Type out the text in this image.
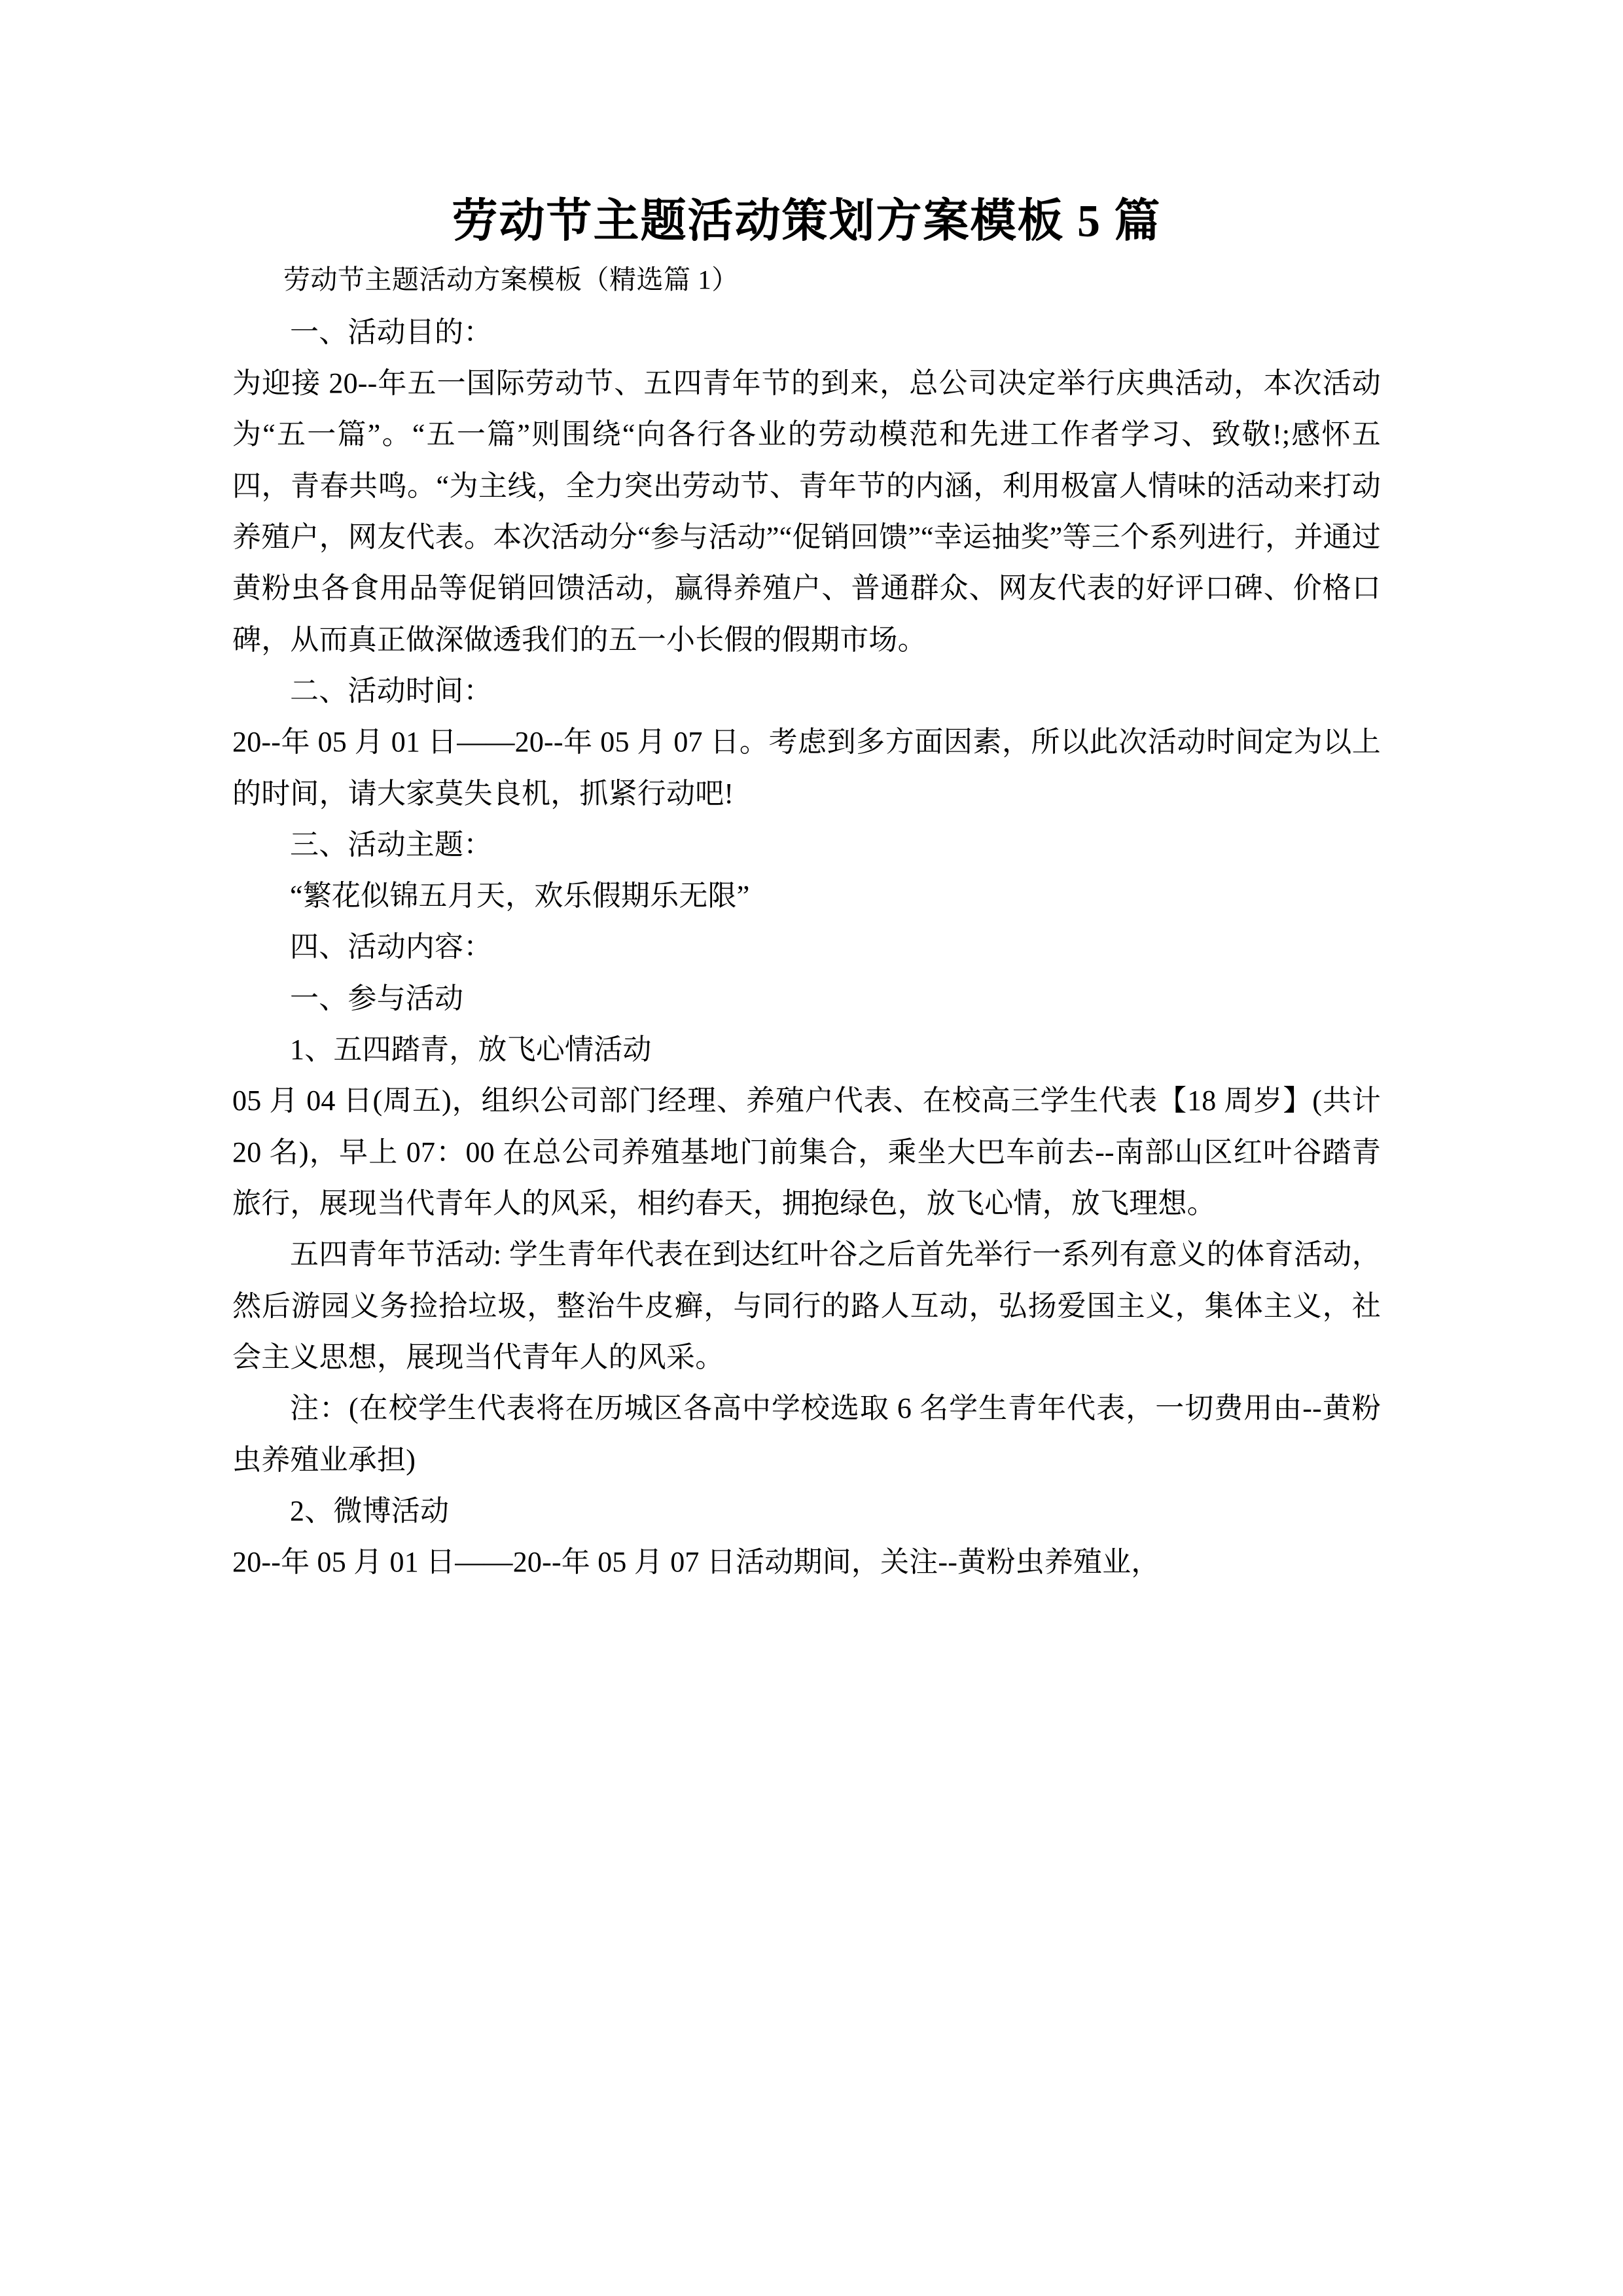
劳动节主题活动策划方案模板 5 篇

劳动节主题活动方案模板（精选篇 1）

一、活动目的：

为迎接 20--年五一国际劳动节、五四青年节的到来，总公司决定举行庆典活动，本次活动为“五一篇”。“五一篇”则围绕“向各行各业的劳动模范和先进工作者学习、致敬!;感怀五四，青春共鸣。“为主线，全力突出劳动节、青年节的内涵，利用极富人情味的活动来打动养殖户，网友代表。本次活动分“参与活动”“促销回馈”“幸运抽奖”等三个系列进行，并通过黄粉虫各食用品等促销回馈活动，赢得养殖户、普通群众、网友代表的好评口碑、价格口碑，从而真正做深做透我们的五一小长假的假期市场。

二、活动时间：

20--年 05 月 01 日——20--年 05 月 07 日。考虑到多方面因素，所以此次活动时间定为以上的时间，请大家莫失良机，抓紧行动吧!

三、活动主题：

“繁花似锦五月天，欢乐假期乐无限”

四、活动内容：

一、参与活动

1、五四踏青，放飞心情活动

05 月 04 日(周五)，组织公司部门经理、养殖户代表、在校高三学生代表【18 周岁】(共计 20 名)，早上 07：00 在总公司养殖基地门前集合，乘坐大巴车前去--南部山区红叶谷踏青旅行，展现当代青年人的风采，相约春天，拥抱绿色，放飞心情，放飞理想。

五四青年节活动: 学生青年代表在到达红叶谷之后首先举行一系列有意义的体育活动，然后游园义务捡拾垃圾，整治牛皮癣，与同行的路人互动，弘扬爱国主义，集体主义，社会主义思想，展现当代青年人的风采。

注：(在校学生代表将在历城区各高中学校选取 6 名学生青年代表，一切费用由--黄粉虫养殖业承担)

2、微博活动

20--年 05 月 01 日——20--年 05 月 07 日活动期间，关注--黄粉虫养殖业，
